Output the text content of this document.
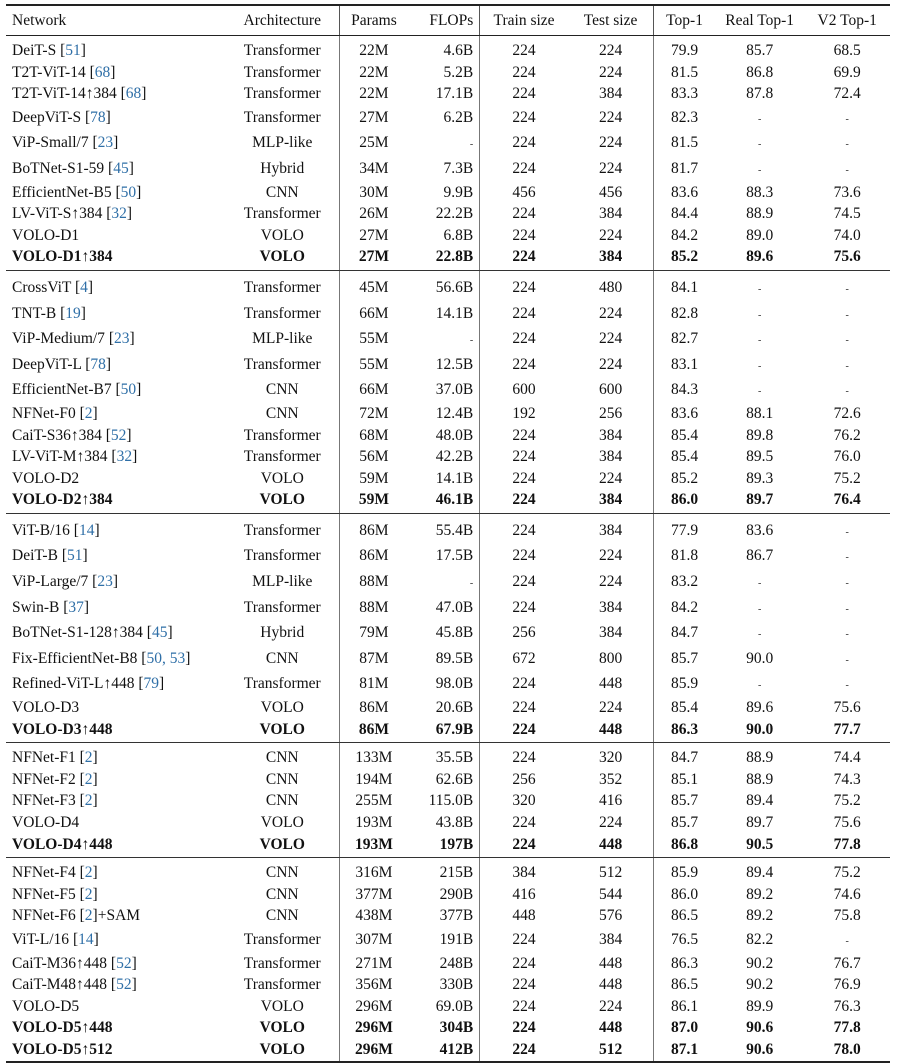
Network	Architecture	Params	FLOPs	Train size	Test size	Top-1	Real Top-1	V2 Top-1
DeiT-S [51]	Transformer	22M	4.6B	224	224	79.9	85.7	68.5
T2T-ViT-14 [68]	Transformer	22M	5.2B	224	224	81.5	86.8	69.9
T2T-ViT-14↑384 [68]	Transformer	22M	17.1B	224	384	83.3	87.8	72.4
DeepViT-S [78]	Transformer	27M	6.2B	224	224	82.3	-	-
ViP-Small/7 [23]	MLP-like	25M	-	224	224	81.5	-	-
BoTNet-S1-59 [45]	Hybrid	34M	7.3B	224	224	81.7	-	-
EfficientNet-B5 [50]	CNN	30M	9.9B	456	456	83.6	88.3	73.6
LV-ViT-S↑384 [32]	Transformer	26M	22.2B	224	384	84.4	88.9	74.5
VOLO-D1	VOLO	27M	6.8B	224	224	84.2	89.0	74.0
VOLO-D1↑384	VOLO	27M	22.8B	224	384	85.2	89.6	75.6
CrossViT [4]	Transformer	45M	56.6B	224	480	84.1	-	-
TNT-B [19]	Transformer	66M	14.1B	224	224	82.8	-	-
ViP-Medium/7 [23]	MLP-like	55M	-	224	224	82.7	-	-
DeepViT-L [78]	Transformer	55M	12.5B	224	224	83.1	-	-
EfficientNet-B7 [50]	CNN	66M	37.0B	600	600	84.3	-	-
NFNet-F0 [2]	CNN	72M	12.4B	192	256	83.6	88.1	72.6
CaiT-S36↑384 [52]	Transformer	68M	48.0B	224	384	85.4	89.8	76.2
LV-ViT-M↑384 [32]	Transformer	56M	42.2B	224	384	85.4	89.5	76.0
VOLO-D2	VOLO	59M	14.1B	224	224	85.2	89.3	75.2
VOLO-D2↑384	VOLO	59M	46.1B	224	384	86.0	89.7	76.4
ViT-B/16 [14]	Transformer	86M	55.4B	224	384	77.9	83.6	-
DeiT-B [51]	Transformer	86M	17.5B	224	224	81.8	86.7	-
ViP-Large/7 [23]	MLP-like	88M	-	224	224	83.2	-	-
Swin-B [37]	Transformer	88M	47.0B	224	384	84.2	-	-
BoTNet-S1-128↑384 [45]	Hybrid	79M	45.8B	256	384	84.7	-	-
Fix-EfficientNet-B8 [50, 53]	CNN	87M	89.5B	672	800	85.7	90.0	-
Refined-ViT-L↑448 [79]	Transformer	81M	98.0B	224	448	85.9	-	-
VOLO-D3	VOLO	86M	20.6B	224	224	85.4	89.6	75.6
VOLO-D3↑448	VOLO	86M	67.9B	224	448	86.3	90.0	77.7
NFNet-F1 [2]	CNN	133M	35.5B	224	320	84.7	88.9	74.4
NFNet-F2 [2]	CNN	194M	62.6B	256	352	85.1	88.9	74.3
NFNet-F3 [2]	CNN	255M	115.0B	320	416	85.7	89.4	75.2
VOLO-D4	VOLO	193M	43.8B	224	224	85.7	89.7	75.6
VOLO-D4↑448	VOLO	193M	197B	224	448	86.8	90.5	77.8
NFNet-F4 [2]	CNN	316M	215B	384	512	85.9	89.4	75.2
NFNet-F5 [2]	CNN	377M	290B	416	544	86.0	89.2	74.6
NFNet-F6 [2]+SAM	CNN	438M	377B	448	576	86.5	89.2	75.8
ViT-L/16 [14]	Transformer	307M	191B	224	384	76.5	82.2	-
CaiT-M36↑448 [52]	Transformer	271M	248B	224	448	86.3	90.2	76.7
CaiT-M48↑448 [52]	Transformer	356M	330B	224	448	86.5	90.2	76.9
VOLO-D5	VOLO	296M	69.0B	224	224	86.1	89.9	76.3
VOLO-D5↑448	VOLO	296M	304B	224	448	87.0	90.6	77.8
VOLO-D5↑512	VOLO	296M	412B	224	512	87.1	90.6	78.0
